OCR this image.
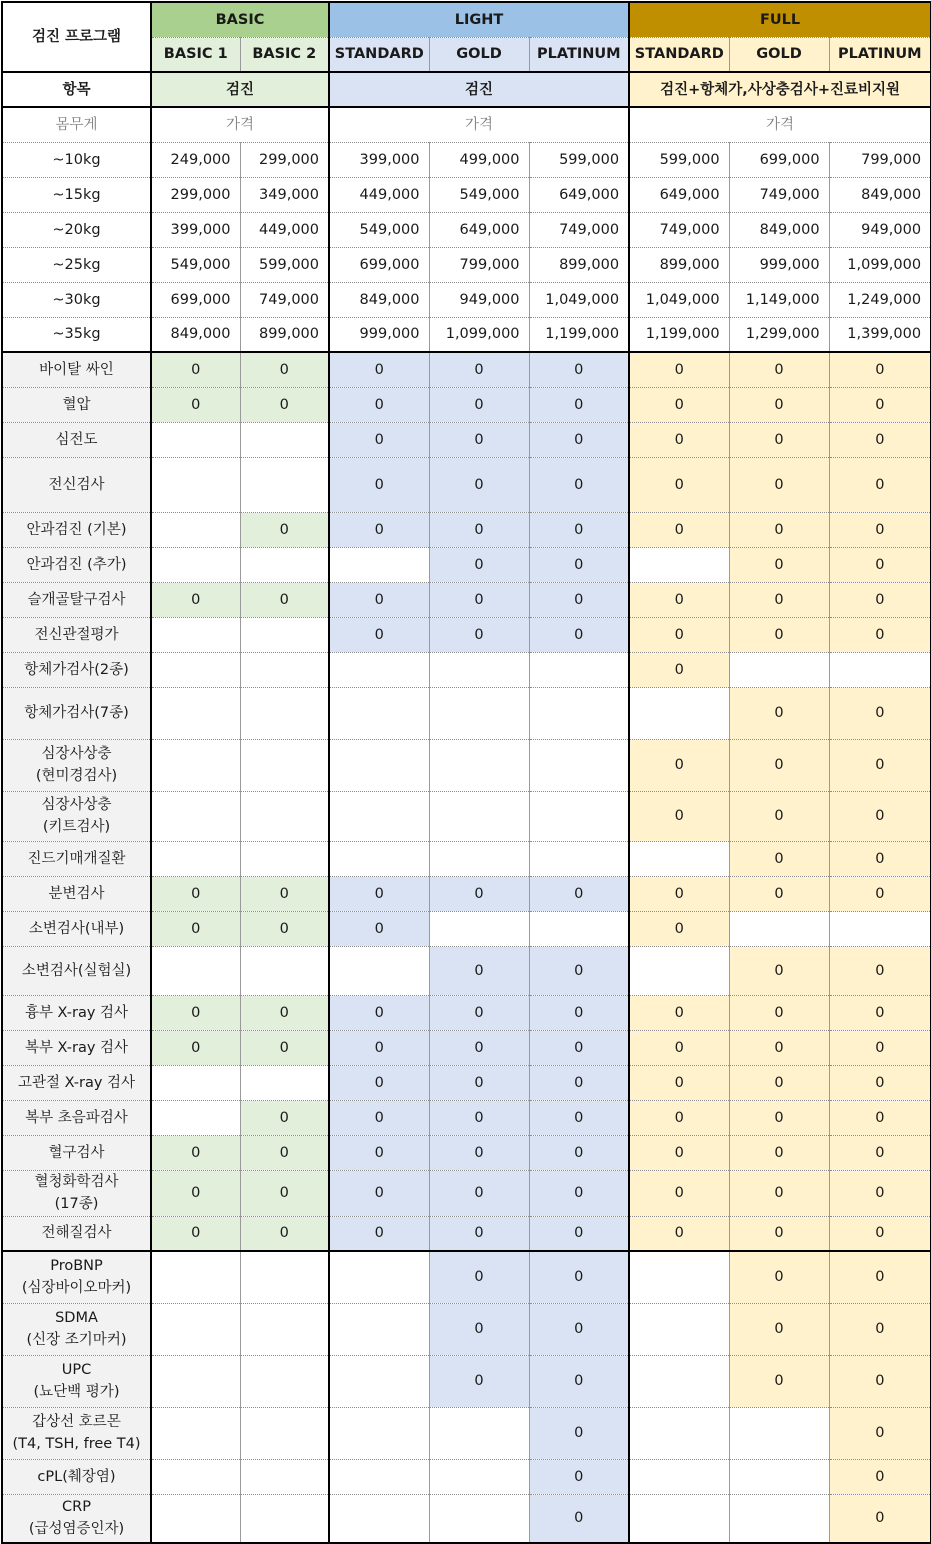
검진 프로그램	BASIC		LIGHT			FULL		
	BASIC 1	BASIC 2	STANDARD	GOLD	PLATINUM	STANDARD	GOLD	PLATINUM
항목	검진		검진			검진+항체가,사상충검사+진료비지원		
몸무게	가격		가격			가격		
~10kg	249,000	299,000	399,000	499,000	599,000	599,000	699,000	799,000
~15kg	299,000	349,000	449,000	549,000	649,000	649,000	749,000	849,000
~20kg	399,000	449,000	549,000	649,000	749,000	749,000	849,000	949,000
~25kg	549,000	599,000	699,000	799,000	899,000	899,000	999,000	1,099,000
~30kg	699,000	749,000	849,000	949,000	1,049,000	1,049,000	1,149,000	1,249,000
~35kg	849,000	899,000	999,000	1,099,000	1,199,000	1,199,000	1,299,000	1,399,000

바이탈 싸인	0	0	0	0	0	0	0	0

혈압	0	0	0	0	0	0	0	0

심전도			0	0	0	0	0	0

전신검사			0	0	0	0	0	0

안과검진 (기본)		0	0	0	0	0	0	0

안과검진 (추가)				0	0		0	0

슬개골탈구검사	0	0	0	0	0	0	0	0

전신관절평가			0	0	0	0	0	0

항체가검사(2종)						0		

항체가검사(7종)							0	0

심장사상충
(현미경검사)						0	0	0

심장사상충
(키트검사)						0	0	0

진드기매개질환							0	0

분변검사	0	0	0	0	0	0	0	0

소변검사(내부)	0	0	0			0		

소변검사(실험실)				0	0		0	0

흉부 X-ray 검사	0	0	0	0	0	0	0	0

복부 X-ray 검사	0	0	0	0	0	0	0	0

고관절 X-ray 검사			0	0	0	0	0	0

복부 초음파검사		0	0	0	0	0	0	0

혈구검사	0	0	0	0	0	0	0	0

혈청화학검사
(17종)	0	0	0	0	0	0	0	0

전해질검사	0	0	0	0	0	0	0	0

ProBNP
(심장바이오마커)				0	0		0	0

SDMA
(신장 조기마커)				0	0		0	0

UPC
(뇨단백 평가)				0	0		0	0

갑상선 호르몬
(T4, TSH, free T4)					0			0

cPL(췌장염)					0			0

CRP
(급성염증인자)					0			0
